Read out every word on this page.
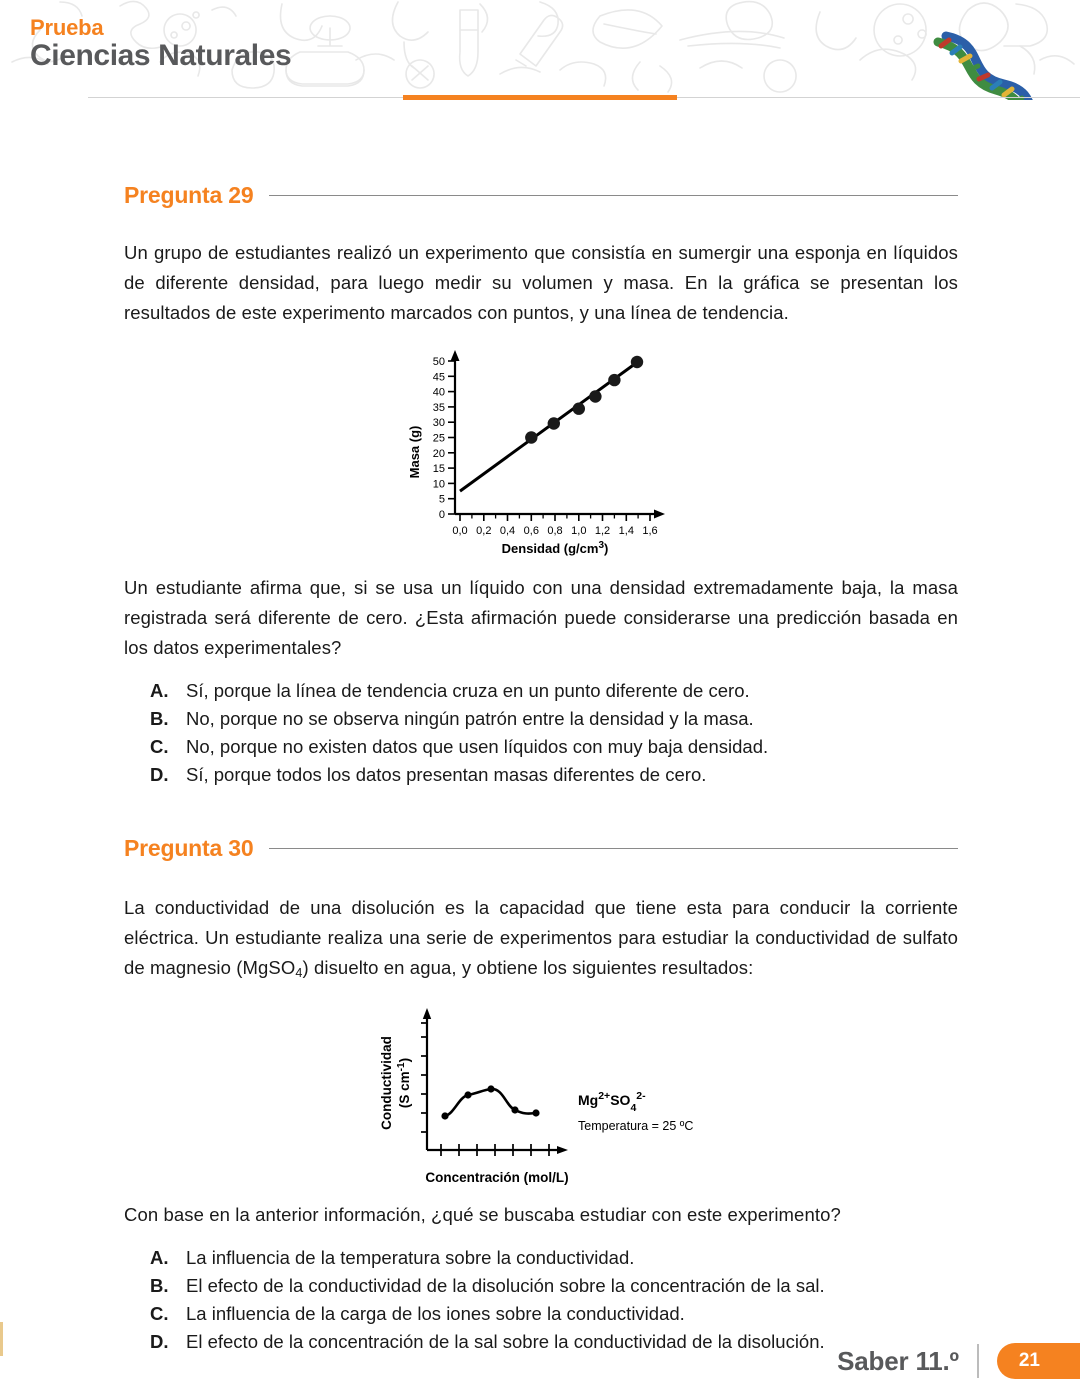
Prueba

Ciencias Naturales

Pregunta 29

Un grupo de estudiantes realizó un experimento que consistía en sumergir una esponja en líquidos de diferente densidad, para luego medir su volumen y masa. En la gráfica se presentan los resultados de este experimento marcados con puntos, y una línea de tendencia.

0
5
10
15
20
25
30
35
40
45
50
0,0 0,2 0,4 0,6 0,8 1,0 1,2 1,4 1,6
Masa (g)
Densidad $(g/cm^3)$

Un estudiante afirma que, si se usa un líquido con una densidad extremadamente baja, la masa registrada será diferente de cero. ¿Esta afirmación puede considerarse una predicción basada en los datos experimentales?

A. Sí, porque la línea de tendencia cruza en un punto diferente de cero.
B. No, porque no se observa ningún patrón entre la densidad y la masa.
C. No, porque no existen datos que usen líquidos con muy baja densidad.
D. Sí, porque todos los datos presentan masas diferentes de cero.
Pregunta 30

La conductividad de una disolución es la capacidad que tiene esta para conducir la corriente eléctrica. Un estudiante realiza una serie de experimentos para estudiar la conductividad de sulfato de magnesio (MgSO$_4$) disuelto en agua, y obtiene los siguientes resultados:

$Mg^{2+}SO_4^{2-}$
Temperatura = 25 ºC
Conductividad (S $cm^{-1}$)
Concentración (mol/L)

Con base en la anterior información, ¿qué se buscaba estudiar con este experimento?

A. La influencia de la temperatura sobre la conductividad.
B. El efecto de la conductividad de la disolución sobre la concentración de la sal.
C. La influencia de la carga de los iones sobre la conductividad.
D. El efecto de la concentración de la sal sobre la conductividad de la disolución.
Saber 11.º	21
